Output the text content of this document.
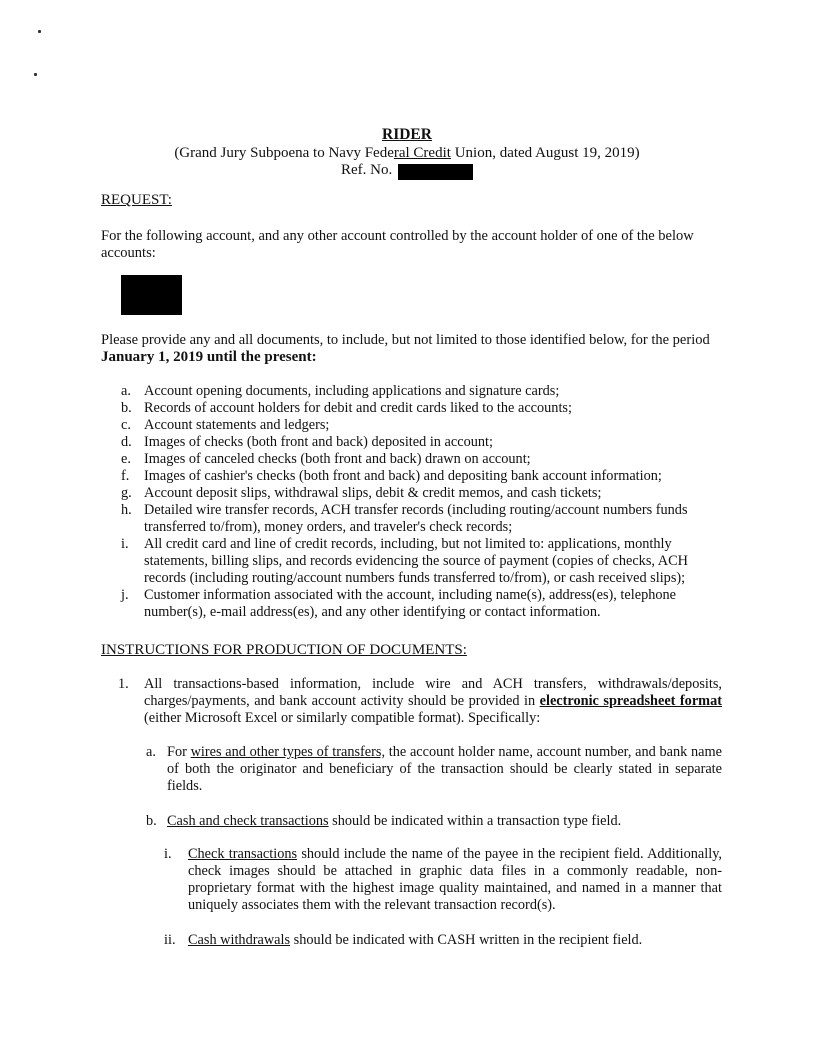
RIDER
(Grand Jury Subpoena to Navy Federal Credit Union, dated August 19, 2019)
Ref. No.
REQUEST:
For the following account, and any other account controlled by the account holder of one of the below accounts:
Please provide any and all documents, to include, but not limited to those identified below, for the period January 1, 2019 until the present:
a. Account opening documents, including applications and signature cards;
b. Records of account holders for debit and credit cards liked to the accounts;
c. Account statements and ledgers;
d. Images of checks (both front and back) deposited in account;
e. Images of canceled checks (both front and back) drawn on account;
f.	Images of cashier's checks (both front and back) and depositing bank account information;
g. Account deposit slips, withdrawal slips, debit & credit memos, and cash tickets;
h. Detailed wire transfer records, ACH transfer records (including routing/account numbers funds transferred to/from), money orders, and traveler's check records;
i.	All credit card and line of credit records, including, but not limited to: applications, monthly statements, billing slips, and records evidencing the source of payment (copies of checks, ACH records (including routing/account numbers funds transferred to/from), or cash received slips);
j.	Customer information associated with the account, including name(s), address(es), telephone number(s), e-mail address(es), and any other identifying or contact information.
INSTRUCTIONS FOR PRODUCTION OF DOCUMENTS:
1. All transactions-based information, include wire and ACH transfers, withdrawals/deposits, charges/payments, and bank account activity should be provided in electronic spreadsheet format (either Microsoft Excel or similarly compatible format). Specifically:
a. For wires and other types of transfers, the account holder name, account number, and bank name of both the originator and beneficiary of the transaction should be clearly stated in separate fields.
b. Cash and check transactions should be indicated within a transaction type field.
i. Check transactions should include the name of the payee in the recipient field. Additionally, check images should be attached in graphic data files in a commonly readable, non-proprietary format with the highest image quality maintained, and named in a manner that uniquely associates them with the relevant transaction record(s).
ii. Cash withdrawals should be indicated with CASH written in the recipient field.
